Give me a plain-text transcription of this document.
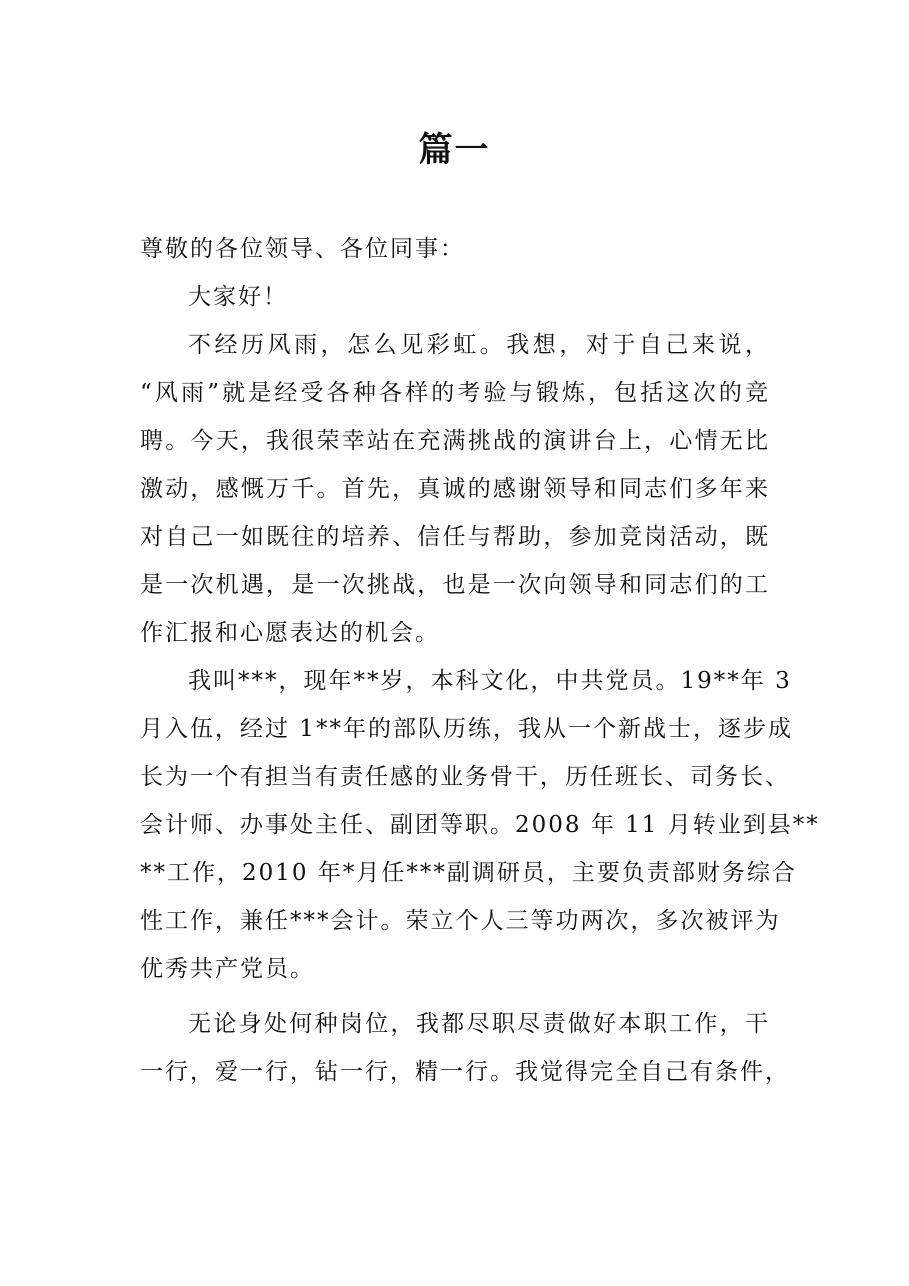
篇一
尊敬的各位领导、各位同事：
大家好！
不经历风雨，怎么见彩虹。我想，对于自己来说，
“风雨”就是经受各种各样的考验与锻炼，包括这次的竞
聘。今天，我很荣幸站在充满挑战的演讲台上，心情无比
激动，感慨万千。首先，真诚的感谢领导和同志们多年来
对自己一如既往的培养、信任与帮助，参加竞岗活动，既
是一次机遇，是一次挑战，也是一次向领导和同志们的工
作汇报和心愿表达的机会。
我叫***，现年**岁，本科文化，中共党员。19**年 3
月入伍，经过 1**年的部队历练，我从一个新战士，逐步成
长为一个有担当有责任感的业务骨干，历任班长、司务长、
会计师、办事处主任、副团等职。2008 年 11 月转业到县**
**工作，2010 年*月任***副调研员，主要负责部财务综合
性工作，兼任***会计。荣立个人三等功两次，多次被评为
优秀共产党员。
无论身处何种岗位，我都尽职尽责做好本职工作，干
一行，爱一行，钻一行，精一行。我觉得完全自己有条件，
